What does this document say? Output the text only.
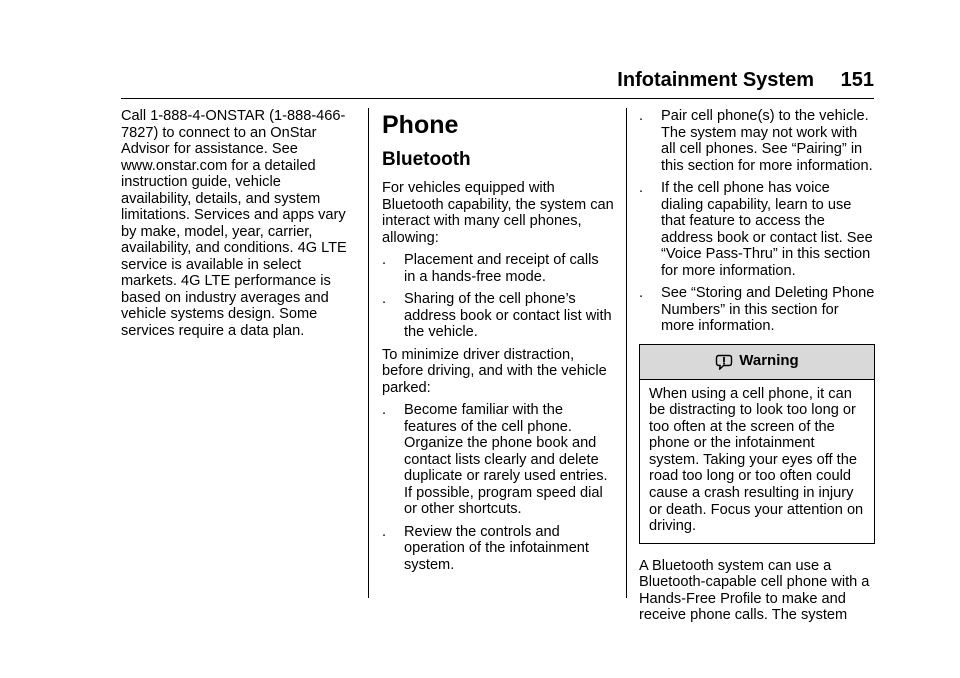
Infotainment System 151

Call 1-888-4-ONSTAR (1-888-466-7827) to connect to an OnStar Advisor for assistance. See www.onstar.com for a detailed instruction guide, vehicle availability, details, and system limitations. Services and apps vary by make, model, year, carrier, availability, and conditions. 4G LTE service is available in select markets. 4G LTE performance is based on industry averages and vehicle systems design. Some services require a data plan.

Phone
Bluetooth

For vehicles equipped with Bluetooth capability, the system can interact with many cell phones, allowing:

.	Placement and receipt of calls in a hands-free mode.
.	Sharing of the cell phone’s address book or contact list with the vehicle.

To minimize driver distraction, before driving, and with the vehicle parked:

.	Become familiar with the features of the cell phone. Organize the phone book and contact lists clearly and delete duplicate or rarely used entries. If possible, program speed dial or other shortcuts.
.	Review the controls and operation of the infotainment system.
.	Pair cell phone(s) to the vehicle. The system may not work with all cell phones. See “Pairing” in this section for more information.
.	If the cell phone has voice dialing capability, learn to use that feature to access the address book or contact list. See “Voice Pass-Thru” in this section for more information.
.	See “Storing and Deleting Phone Numbers” in this section for more information.
Warning
When using a cell phone, it can be distracting to look too long or too often at the screen of the phone or the infotainment system. Taking your eyes off the road too long or too often could cause a crash resulting in injury or death. Focus your attention on driving.

A Bluetooth system can use a Bluetooth-capable cell phone with a Hands-Free Profile to make and receive phone calls. The system
